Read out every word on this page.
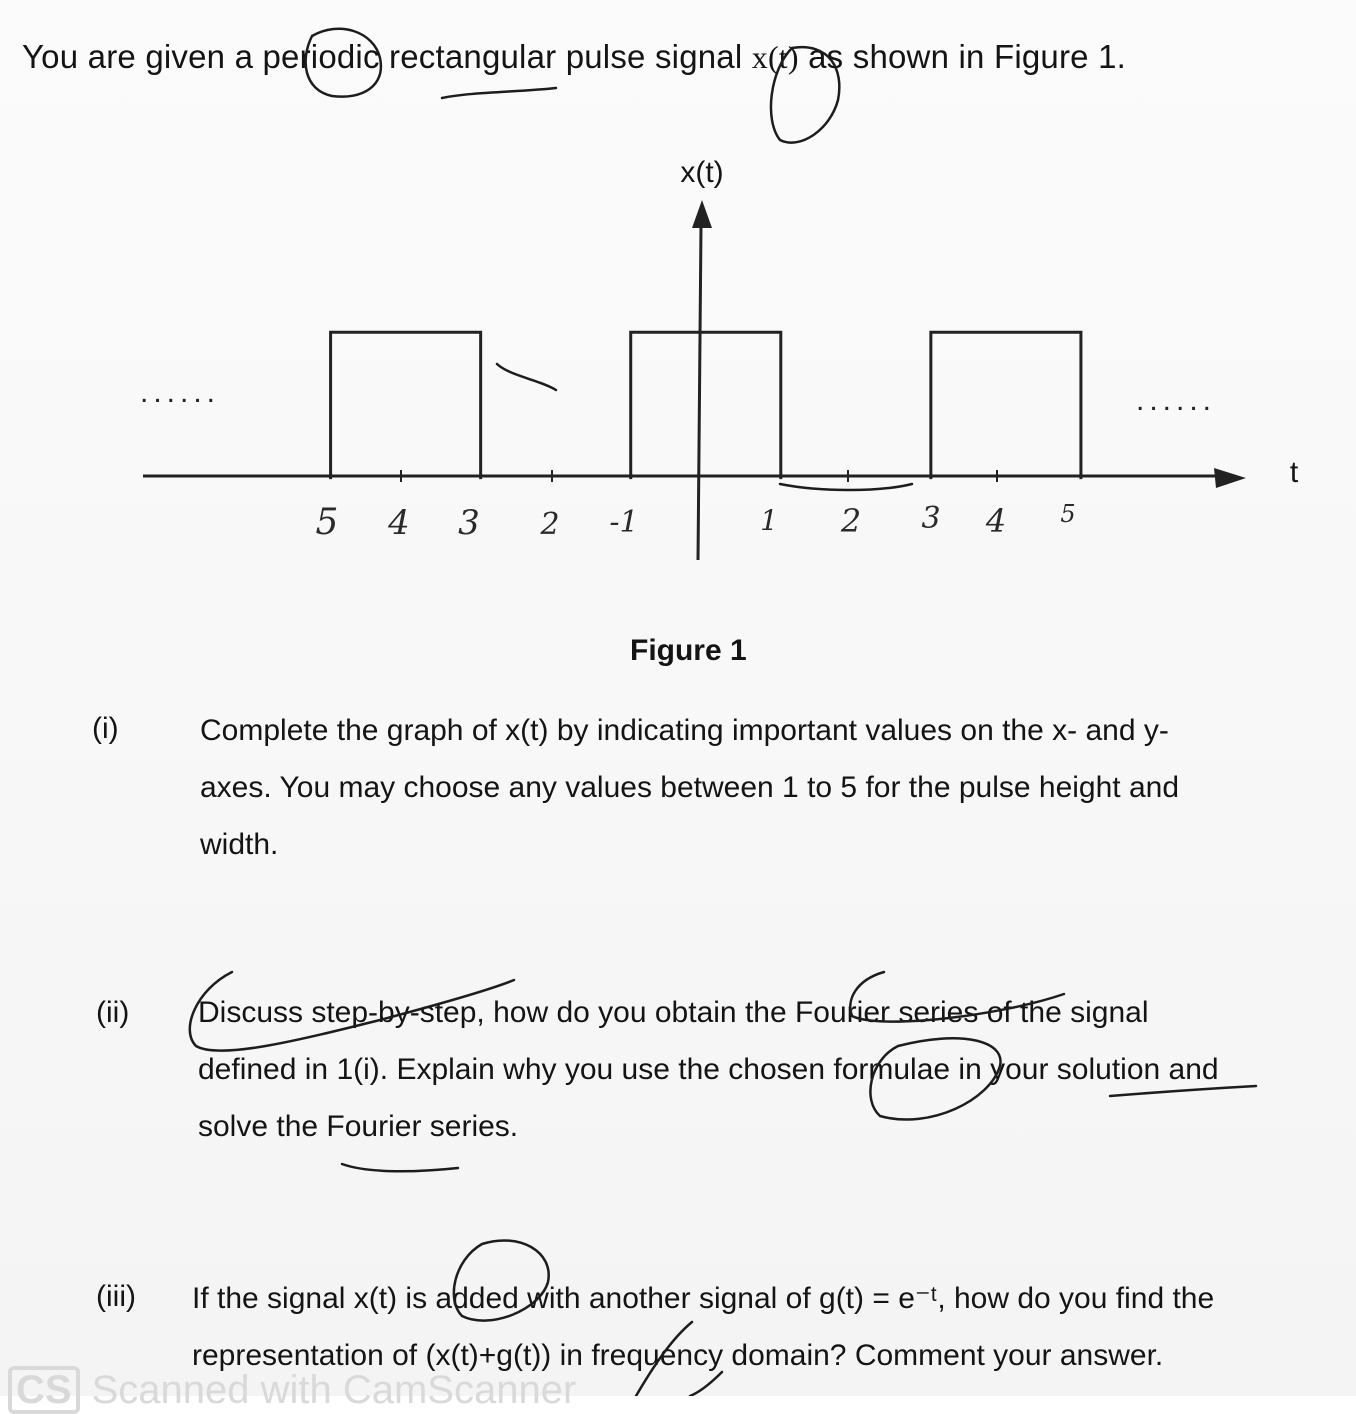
You are given a periodic rectangular pulse signal x(t) as shown in Figure 1.
x(t)
t
......	......
5 4 3 2 -1	1 2 3 4 5
Figure 1
(i)	Complete the graph of x(t) by indicating important values on the x- and y-
axes. You may choose any values between 1 to 5 for the pulse height and
width.
(ii) Discuss step-by-step, how do you obtain the Fourier series of the signal
defined in 1(i). Explain why you use the chosen formulae in your solution and
solve the Fourier series.
(iii) If the signal x(t) is added with another signal of g(t) = e⁻ᵗ, how do you find the
representation of (x(t)+g(t)) in frequency domain? Comment your answer.
CS Scanned with CamScanner
